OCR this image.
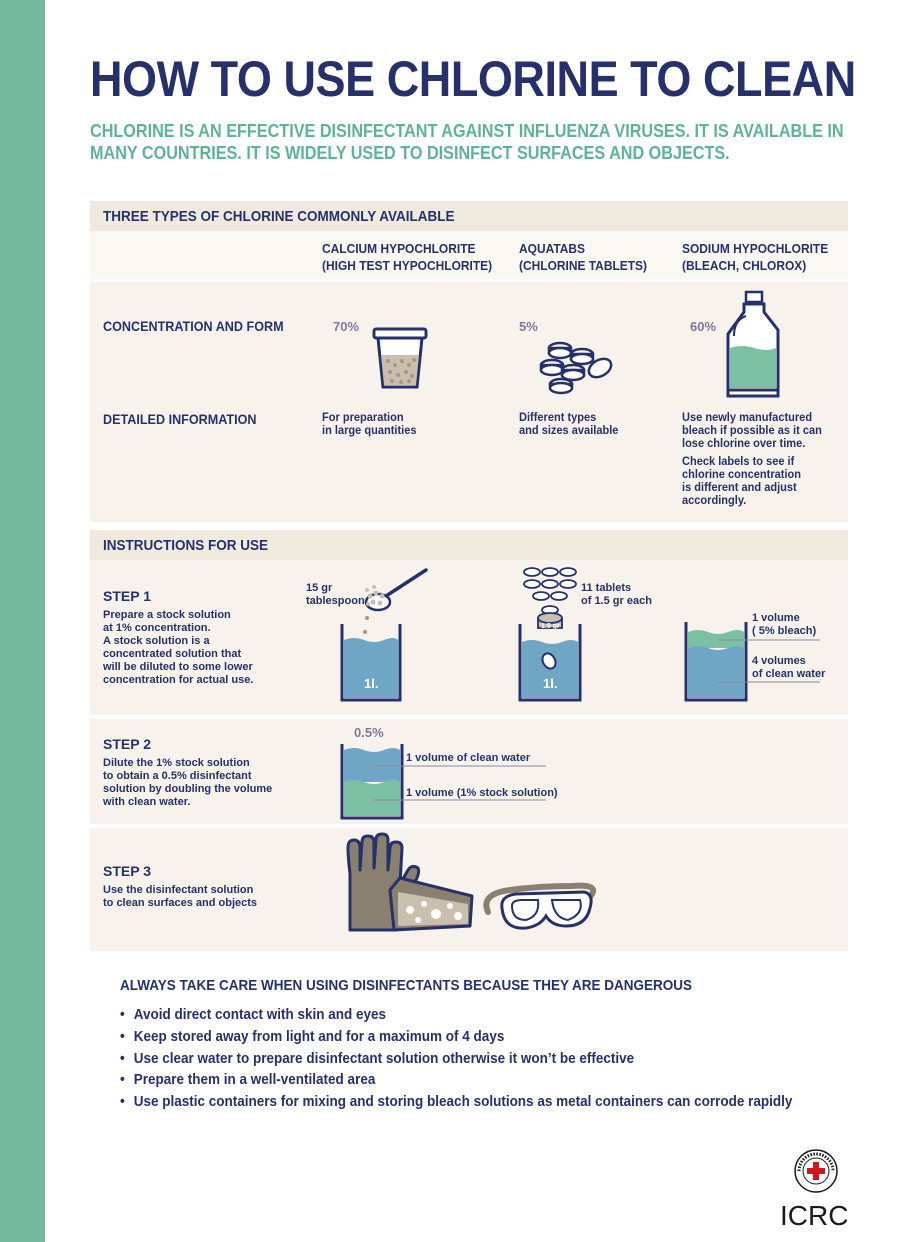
HOW TO USE CHLORINE TO CLEAN
CHLORINE IS AN EFFECTIVE DISINFECTANT AGAINST INFLUENZA VIRUSES. IT IS AVAILABLE IN MANY COUNTRIES. IT IS WIDELY USED TO DISINFECT SURFACES AND OBJECTS.
THREE TYPES OF CHLORINE COMMONLY AVAILABLE
CALCIUM HYPOCHLORITE
(HIGH TEST HYPOCHLORITE)
AQUATABS
(CHLORINE TABLETS)
SODIUM HYPOCHLORITE
(BLEACH, CHLOROX)
CONCENTRATION AND FORM
DETAILED INFORMATION
70%	5%	60%
For preparation
in large quantities
Different types
and sizes available
Use newly manufactured
bleach if possible as it can
lose chlorine over time.
Check labels to see if
chlorine concentration
is different and adjust
accordingly.
INSTRUCTIONS FOR USE
STEP 1
Prepare a stock solution
at 1% concentration.
A stock solution is a
concentrated solution that
will be diluted to some lower
concentration for actual use.
15 gr
tablespoon
1l.
11 tablets
of 1.5 gr each
1.5 gr
1l.
1 volume
( 5% bleach)
4 volumes
of clean water
STEP 2
Dilute the 1% stock solution
to obtain a 0.5% disinfectant
solution by doubling the volume
with clean water.
0.5%
1 volume of clean water
1 volume (1% stock solution)
STEP 3
Use the disinfectant solution
to clean surfaces and objects
ALWAYS TAKE CARE WHEN USING DISINFECTANTS BECAUSE THEY ARE DANGEROUS
• Avoid direct contact with skin and eyes
• Keep stored away from light and for a maximum of 4 days
• Use clear water to prepare disinfectant solution otherwise it won’t be effective
• Prepare them in a well-ventilated area
• Use plastic containers for mixing and storing bleach solutions as metal containers can corrode rapidly
ICRC
